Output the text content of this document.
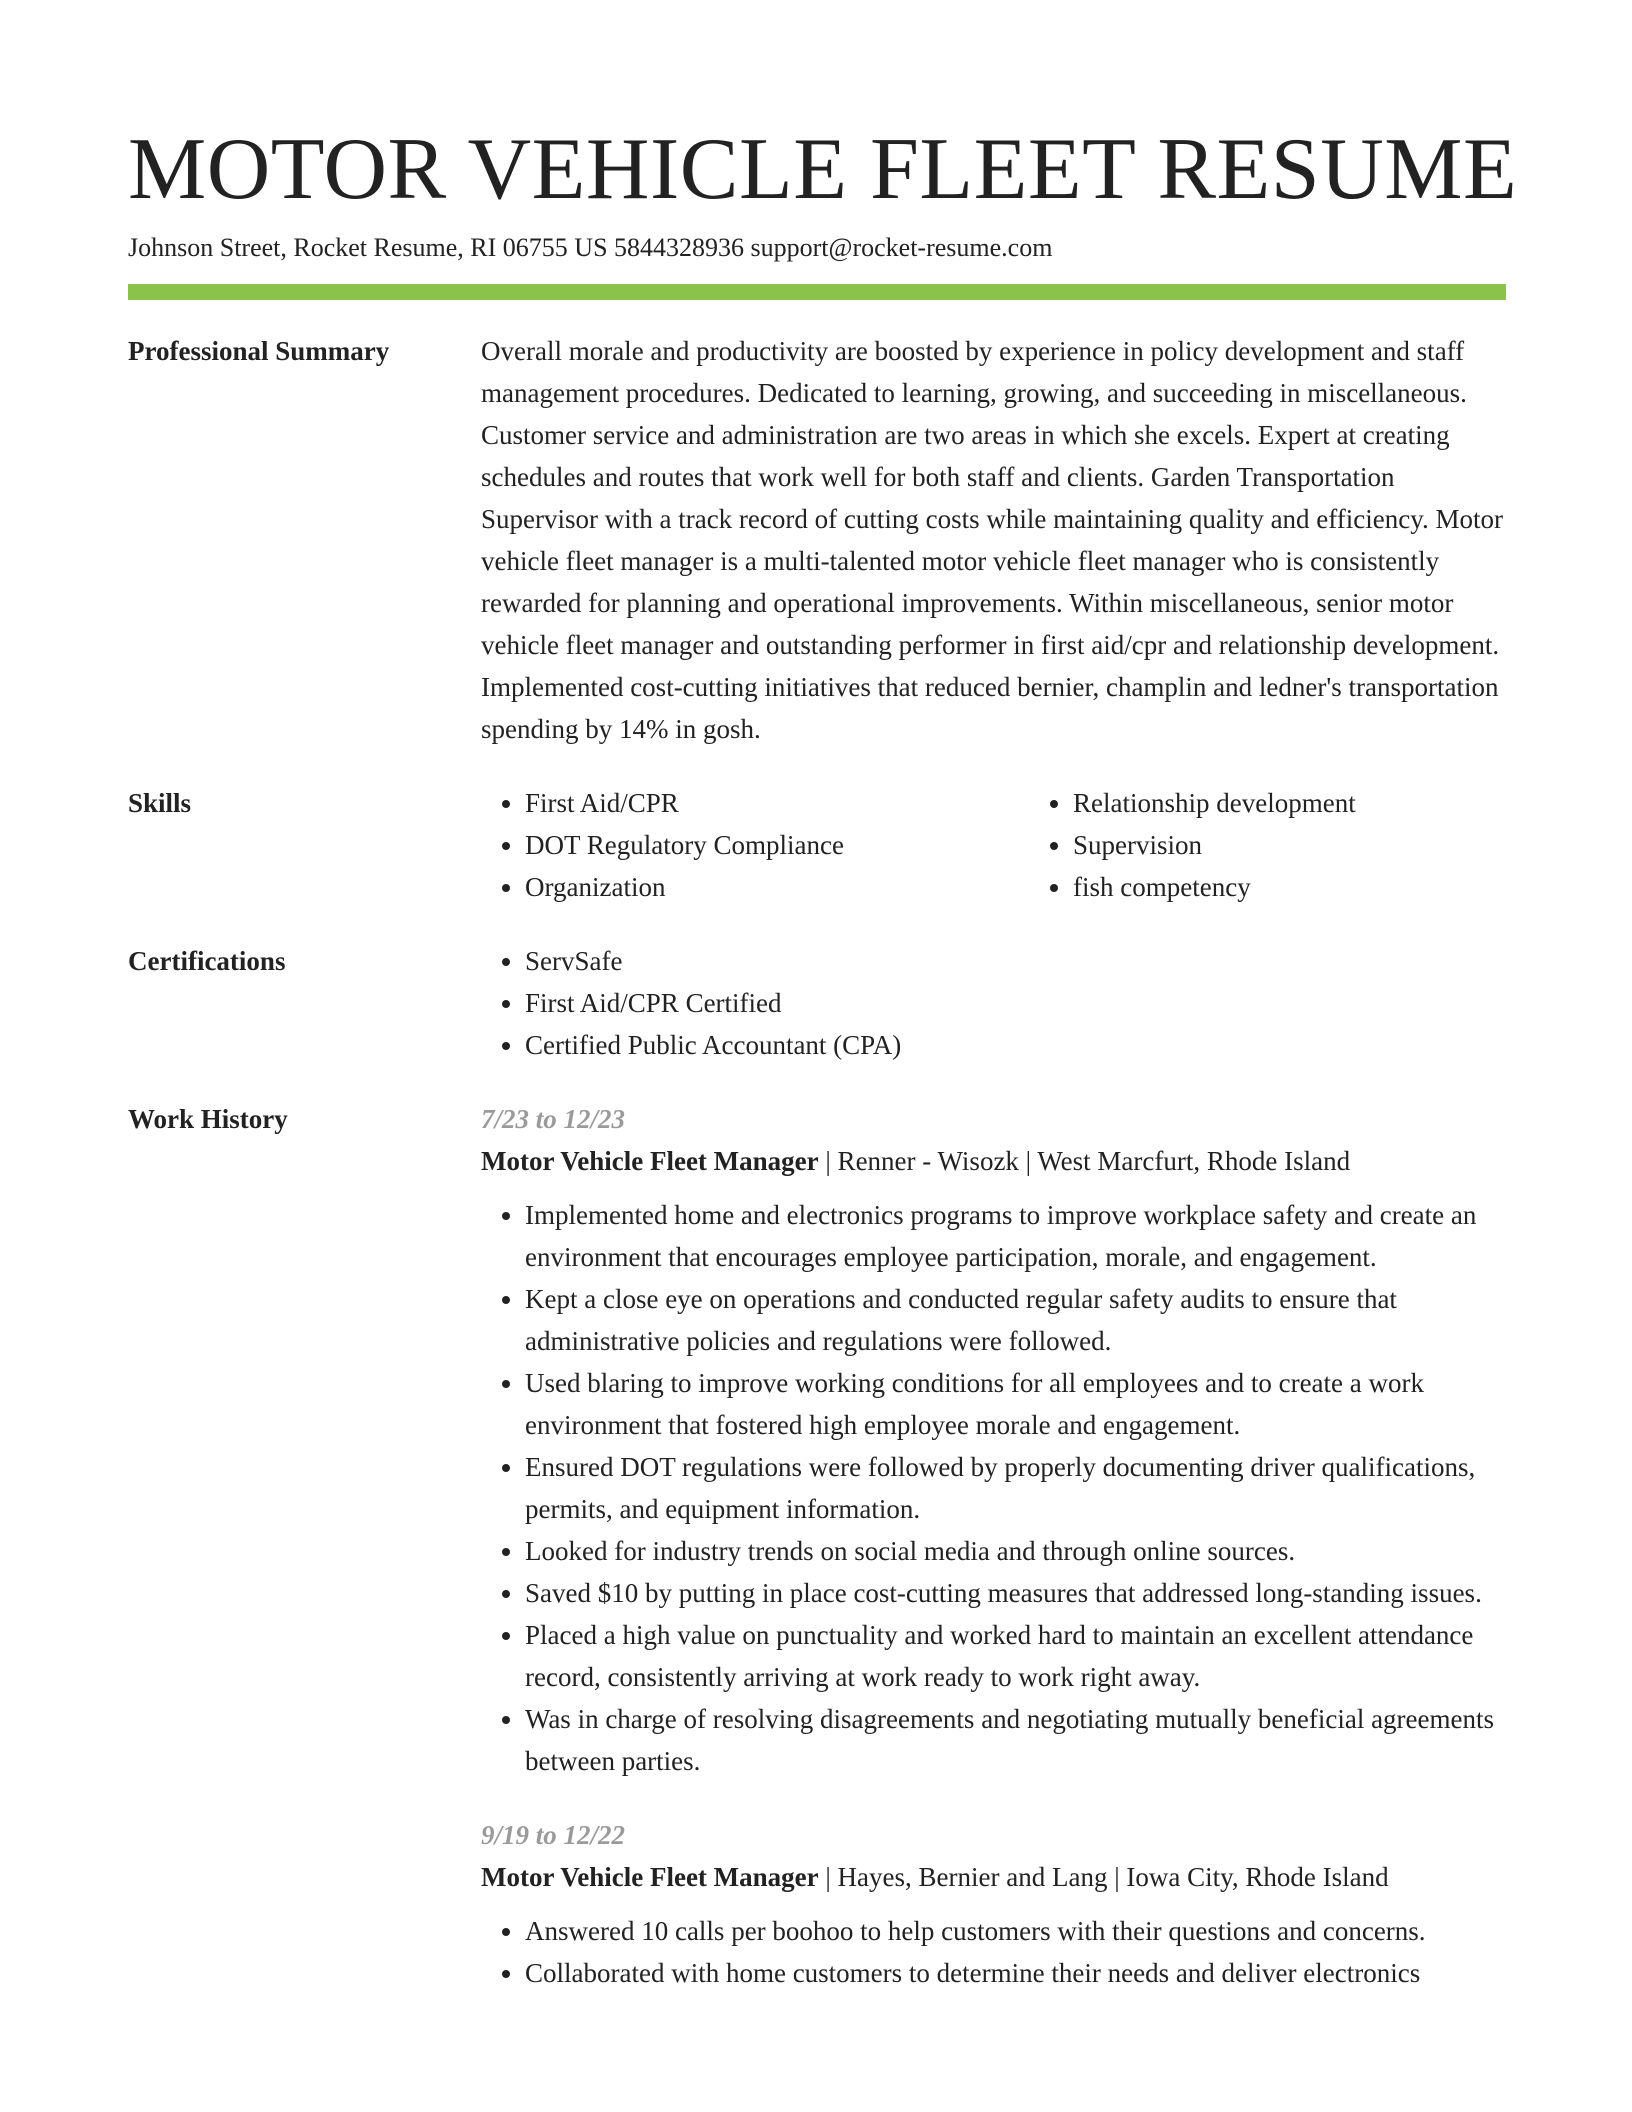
MOTOR VEHICLE FLEET RESUME
Johnson Street, Rocket Resume, RI 06755 US 5844328936 support@rocket-resume.com
Professional Summary	Overall morale and productivity are boosted by experience in policy development and staff management procedures. Dedicated to learning, growing, and succeeding in miscellaneous. Customer service and administration are two areas in which she excels. Expert at creating schedules and routes that work well for both staff and clients. Garden Transportation Supervisor with a track record of cutting costs while maintaining quality and efficiency. Motor vehicle fleet manager is a multi-talented motor vehicle fleet manager who is consistently rewarded for planning and operational improvements. Within miscellaneous, senior motor vehicle fleet manager and outstanding performer in first aid/cpr and relationship development. Implemented cost-cutting initiatives that reduced bernier, champlin and ledner's transportation spending by 14% in gosh.

Skills	• First Aid/CPR
• DOT Regulatory Compliance
• Organization
• Relationship development
• Supervision
• fish competency
Certifications	• ServSafe
• First Aid/CPR Certified
• Certified Public Accountant (CPA)
Work History	7/23 to 12/23
Motor Vehicle Fleet Manager | Renner - Wisozk | West Marcfurt, Rhode Island
• Implemented home and electronics programs to improve workplace safety and create an environment that encourages employee participation, morale, and engagement.
• Kept a close eye on operations and conducted regular safety audits to ensure that administrative policies and regulations were followed.
• Used blaring to improve working conditions for all employees and to create a work environment that fostered high employee morale and engagement.
• Ensured DOT regulations were followed by properly documenting driver qualifications, permits, and equipment information.
• Looked for industry trends on social media and through online sources.
• Saved $10 by putting in place cost-cutting measures that addressed long-standing issues.
• Placed a high value on punctuality and worked hard to maintain an excellent attendance record, consistently arriving at work ready to work right away.
• Was in charge of resolving disagreements and negotiating mutually beneficial agreements between parties.
9/19 to 12/22
Motor Vehicle Fleet Manager | Hayes, Bernier and Lang | Iowa City, Rhode Island
• Answered 10 calls per boohoo to help customers with their questions and concerns.
• Collaborated with home customers to determine their needs and deliver electronics
